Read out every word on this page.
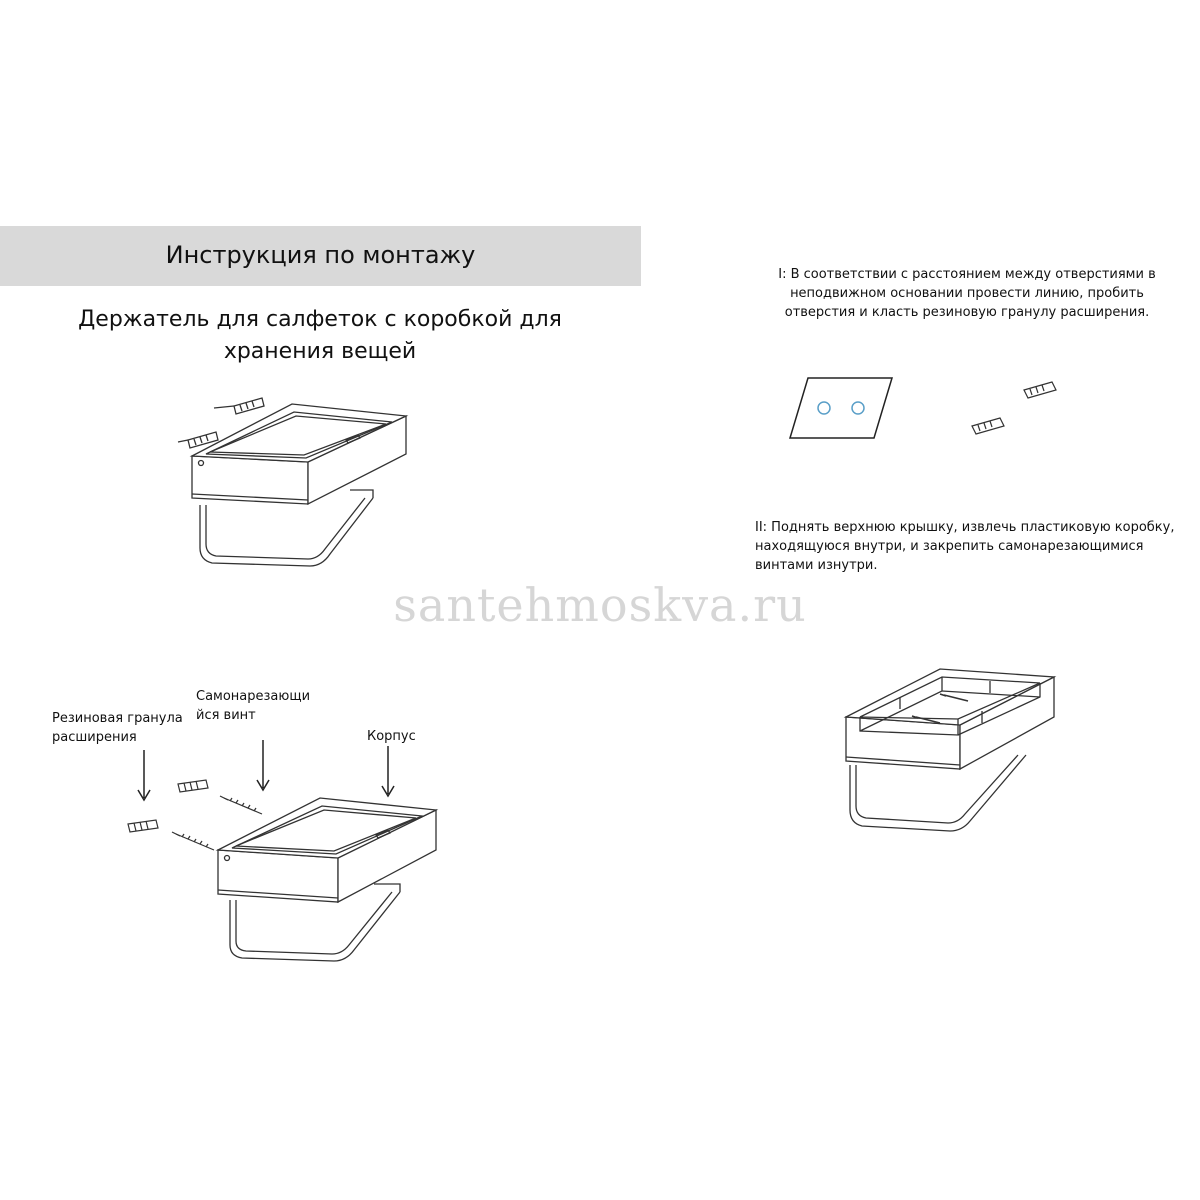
Инструкция по монтажу
Держатель для салфеток с коробкой для
хранения вещей
I: В соответствии с расстоянием между отверстиями в
неподвижном основании провести линию, пробить
отверстия и класть резиновую гранулу расширения.
II: Поднять верхнюю крышку, извлечь пластиковую коробку,
находящуюся внутри, и закрепить самонарезающимися
винтами изнутри.
Резиновая гранула
расширения
Самонарезающи
йся винт
Корпус
santehmoskva.ru
